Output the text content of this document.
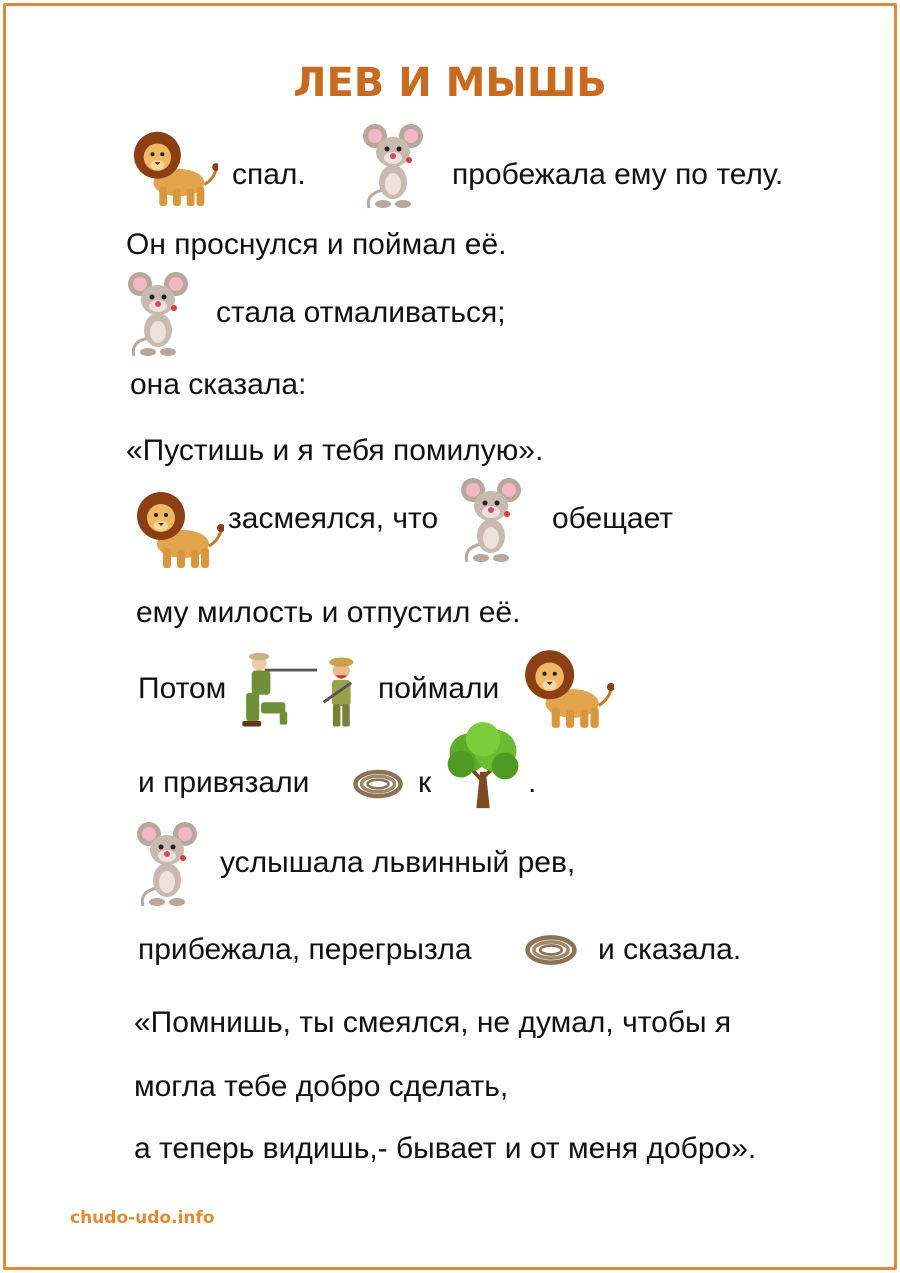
ЛЕВ И МЫШЬ
спал.	пробежала ему по телу.
Он проснулся и поймал её.
стала отмаливаться;
она сказала:
«Пустишь и я тебя помилую».
засмеялся, что	обещает
ему милость и отпустил её.
Потом	поймали
и привязали	к	.
услышала львинный рев,
прибежала, перегрызла	и сказала.
«Помнишь, ты смеялся, не думал, чтобы я
могла тебе добро сделать,
а теперь видишь,- бывает и от меня добро».
chudo-udo.info
